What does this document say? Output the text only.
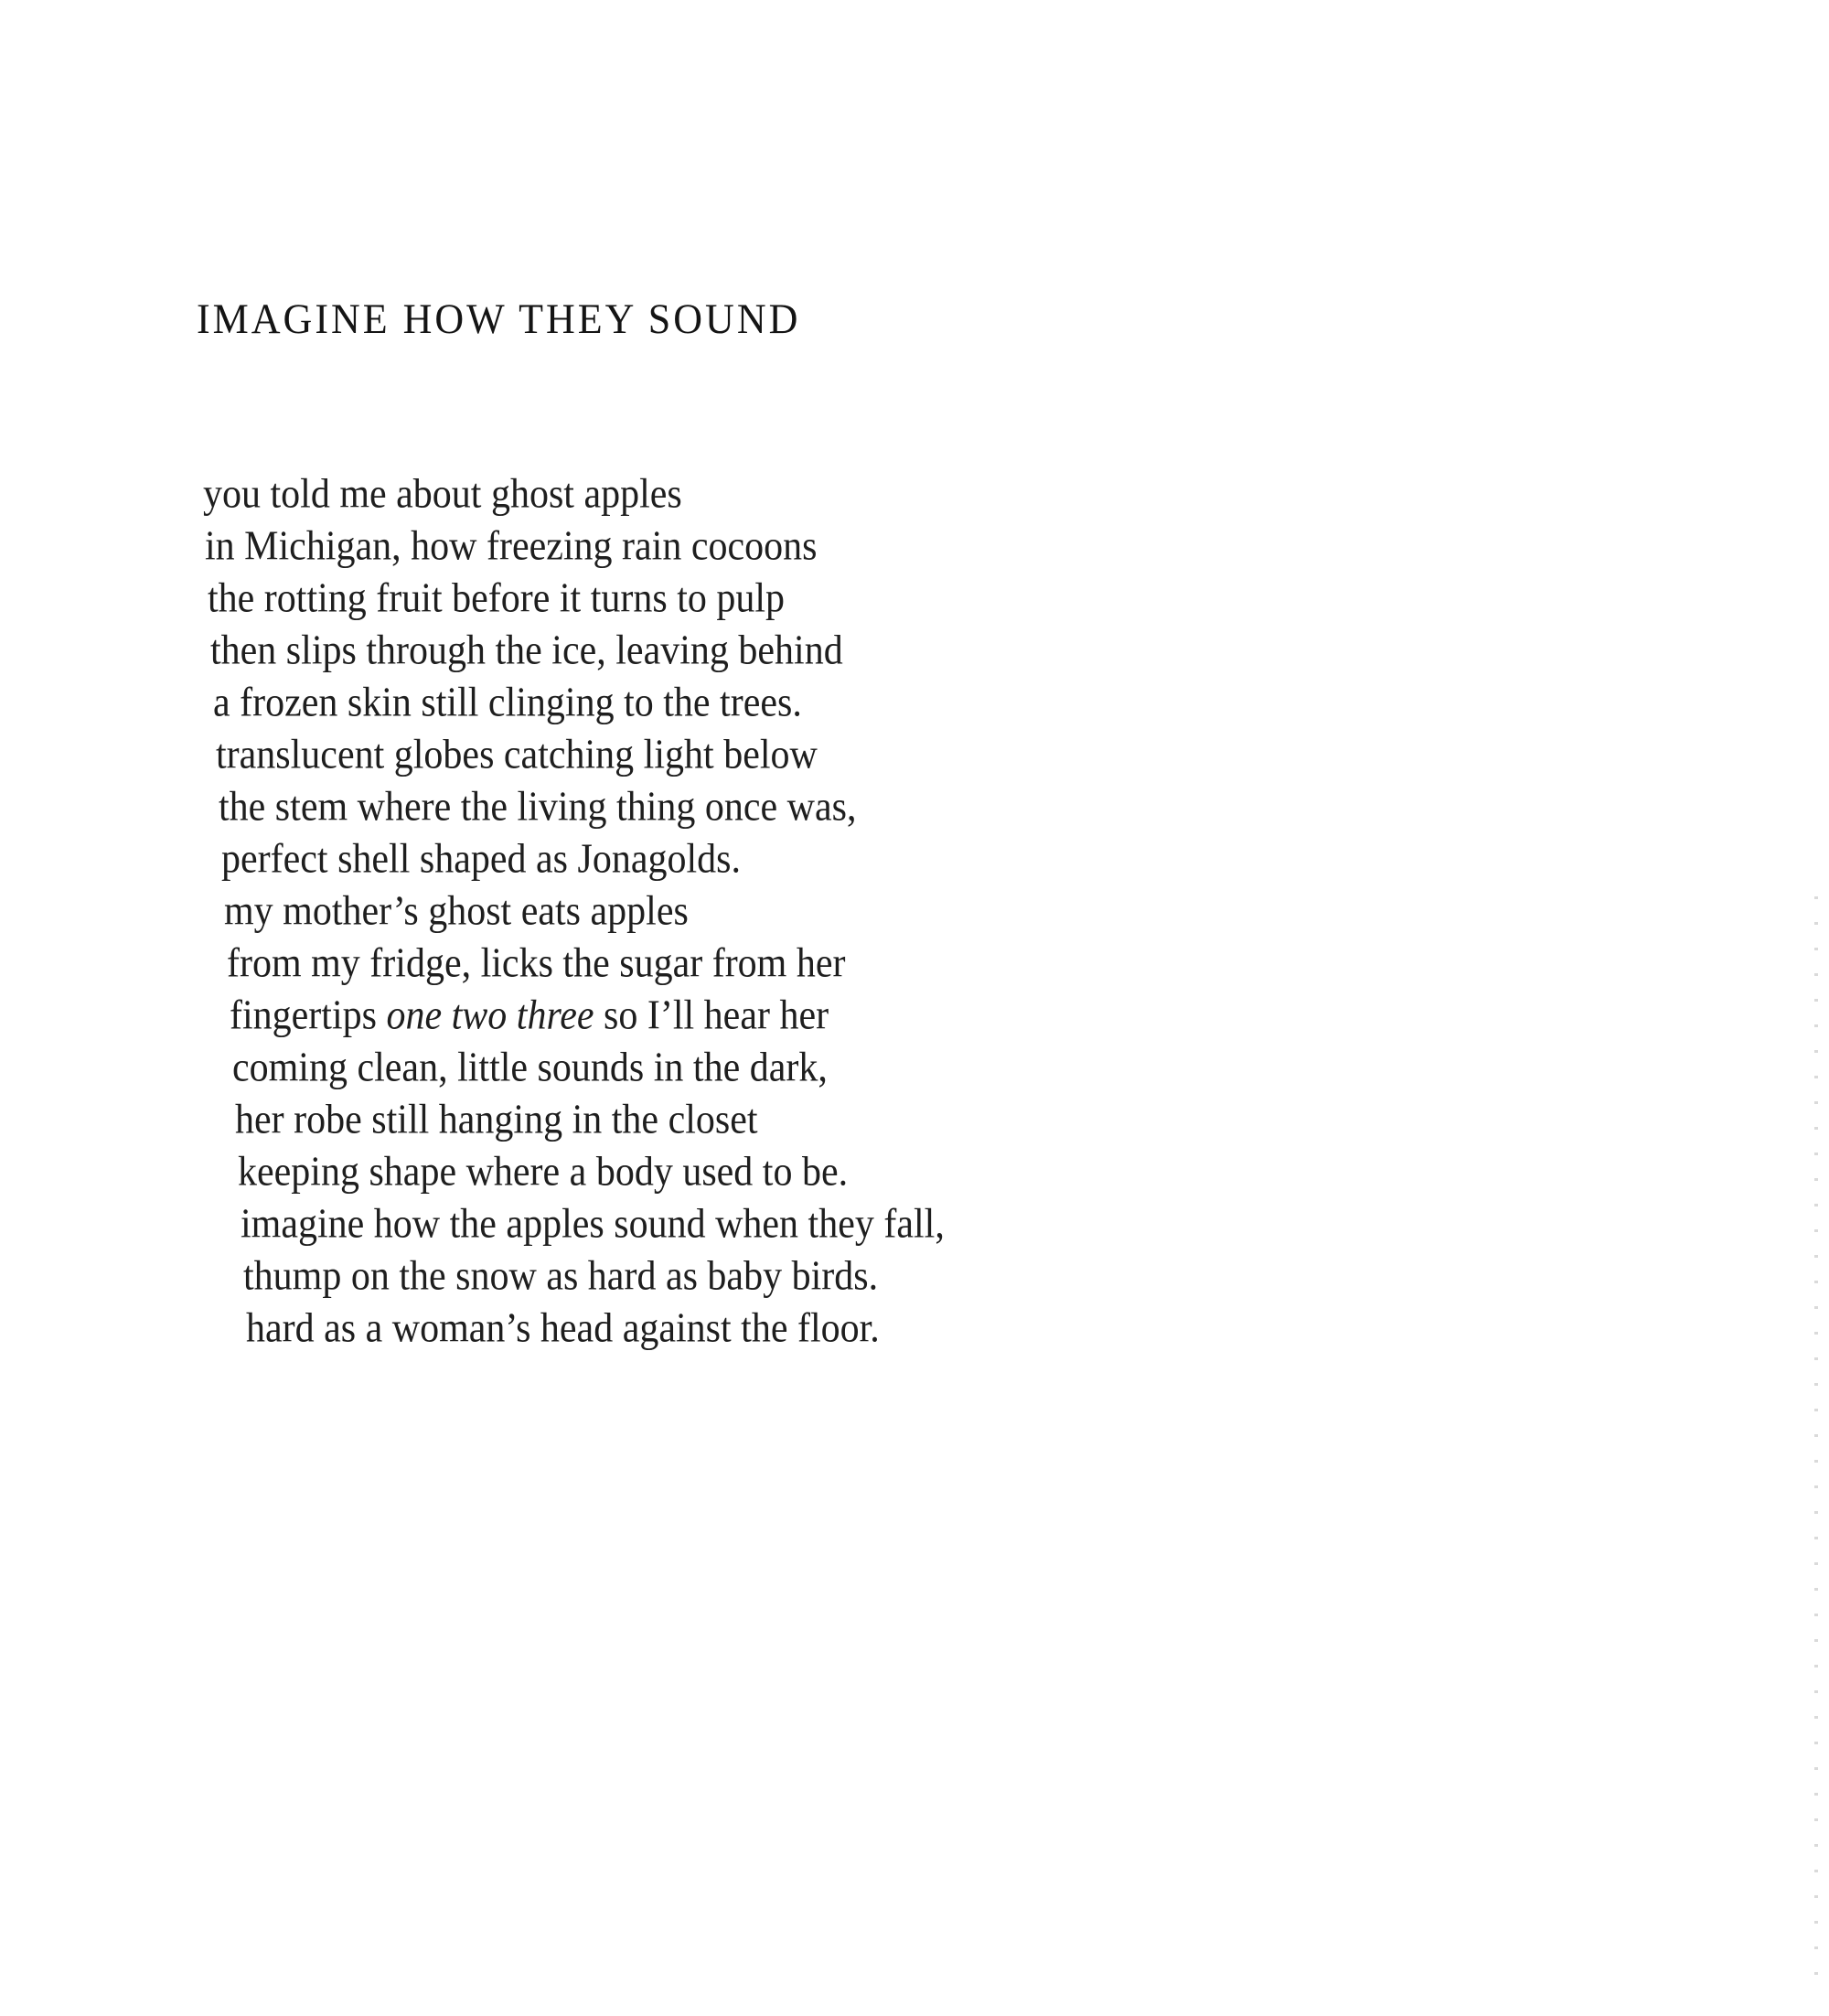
IMAGINE HOW THEY SOUND
you told me about ghost apples
in Michigan, how freezing rain cocoons
the rotting fruit before it turns to pulp
then slips through the ice, leaving behind
a frozen skin still clinging to the trees.
translucent globes catching light below
the stem where the living thing once was,
perfect shell shaped as Jonagolds.
my mother’s ghost eats apples
from my fridge, licks the sugar from her
fingertips one two three so I’ll hear her
coming clean, little sounds in the dark,
her robe still hanging in the closet
keeping shape where a body used to be.
imagine how the apples sound when they fall,
thump on the snow as hard as baby birds.
hard as a woman’s head against the floor.
